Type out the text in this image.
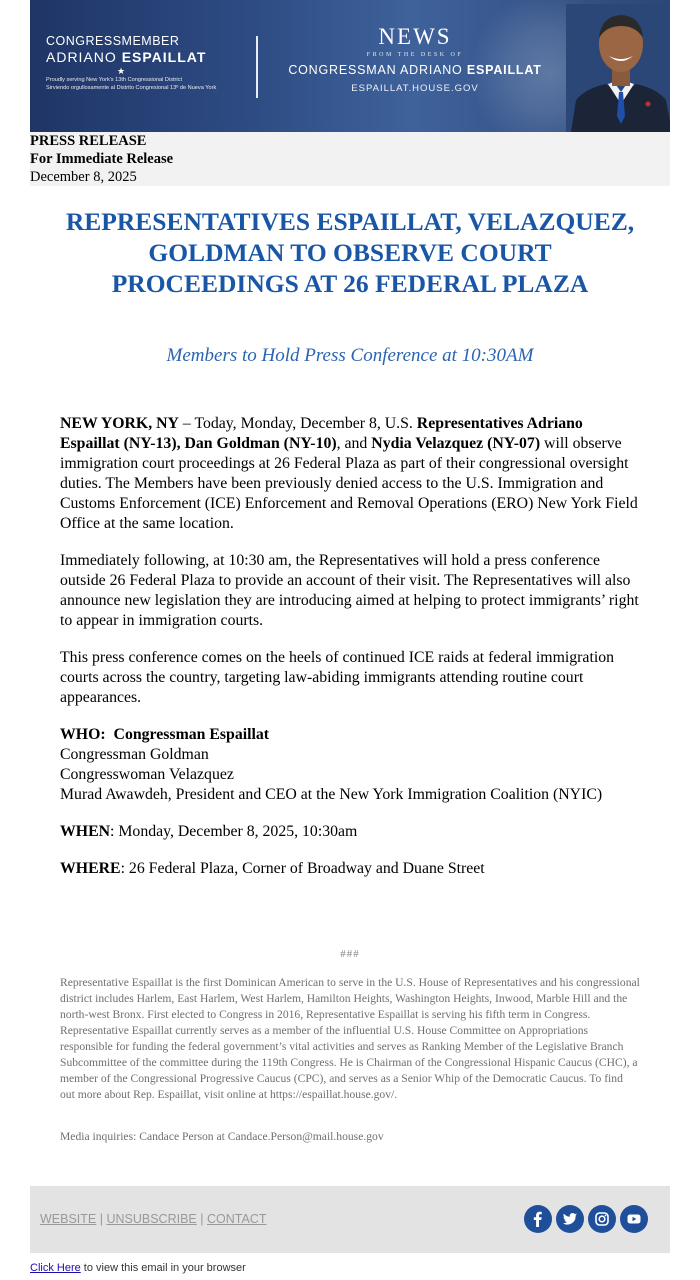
CONGRESSMEMBER
ADRIANO ESPAILLAT
★
Proudly serving New York's 13th Congressional District
Sirviendo orgullosamente al Distrito Congresional 13º de Nueva York
NEWS
FROM THE DESK OF
CONGRESSMAN ADRIANO ESPAILLAT
ESPAILLAT.HOUSE.GOV
PRESS RELEASE
For Immediate Release
December 8, 2025
REPRESENTATIVES ESPAILLAT, VELAZQUEZ, GOLDMAN TO OBSERVE COURT PROCEEDINGS AT 26 FEDERAL PLAZA
Members to Hold Press Conference at 10:30AM

NEW YORK, NY – Today, Monday, December 8, U.S. Representatives Adriano Espaillat (NY-13), Dan Goldman (NY-10), and Nydia Velazquez (NY-07) will observe immigration court proceedings at 26 Federal Plaza as part of their congressional oversight duties. The Members have been previously denied access to the U.S. Immigration and Customs Enforcement (ICE) Enforcement and Removal Operations (ERO) New York Field Office at the same location.

Immediately following, at 10:30 am, the Representatives will hold a press conference outside 26 Federal Plaza to provide an account of their visit. The Representatives will also announce new legislation they are introducing aimed at helping to protect immigrants’ right to appear in immigration courts.

This press conference comes on the heels of continued ICE raids at federal immigration courts across the country, targeting law-abiding immigrants attending routine court appearances.

WHO: Congressman Espaillat

Congressman Goldman

Congresswoman Velazquez

Murad Awawdeh, President and CEO at the New York Immigration Coalition (NYIC)

WHEN: Monday, December 8, 2025, 10:30am

WHERE: 26 Federal Plaza, Corner of Broadway and Duane Street

###
Representative Espaillat is the first Dominican American to serve in the U.S. House of Representatives and his congressional district includes Harlem, East Harlem, West Harlem, Hamilton Heights, Washington Heights, Inwood, Marble Hill and the north-west Bronx. First elected to Congress in 2016, Representative Espaillat is serving his fifth term in Congress. Representative Espaillat currently serves as a member of the influential U.S. House Committee on Appropriations responsible for funding the federal government’s vital activities and serves as Ranking Member of the Legislative Branch Subcommittee of the committee during the 119th Congress. He is Chairman of the Congressional Hispanic Caucus (CHC), a member of the Congressional Progressive Caucus (CPC), and serves as a Senior Whip of the Democratic Caucus. To find out more about Rep. Espaillat, visit online at https://espaillat.house.gov/.
Media inquiries: Candace Person at Candace.Person@mail.house.gov
WEBSITE | UNSUBSCRIBE | CONTACT
Click Here to view this email in your browser
